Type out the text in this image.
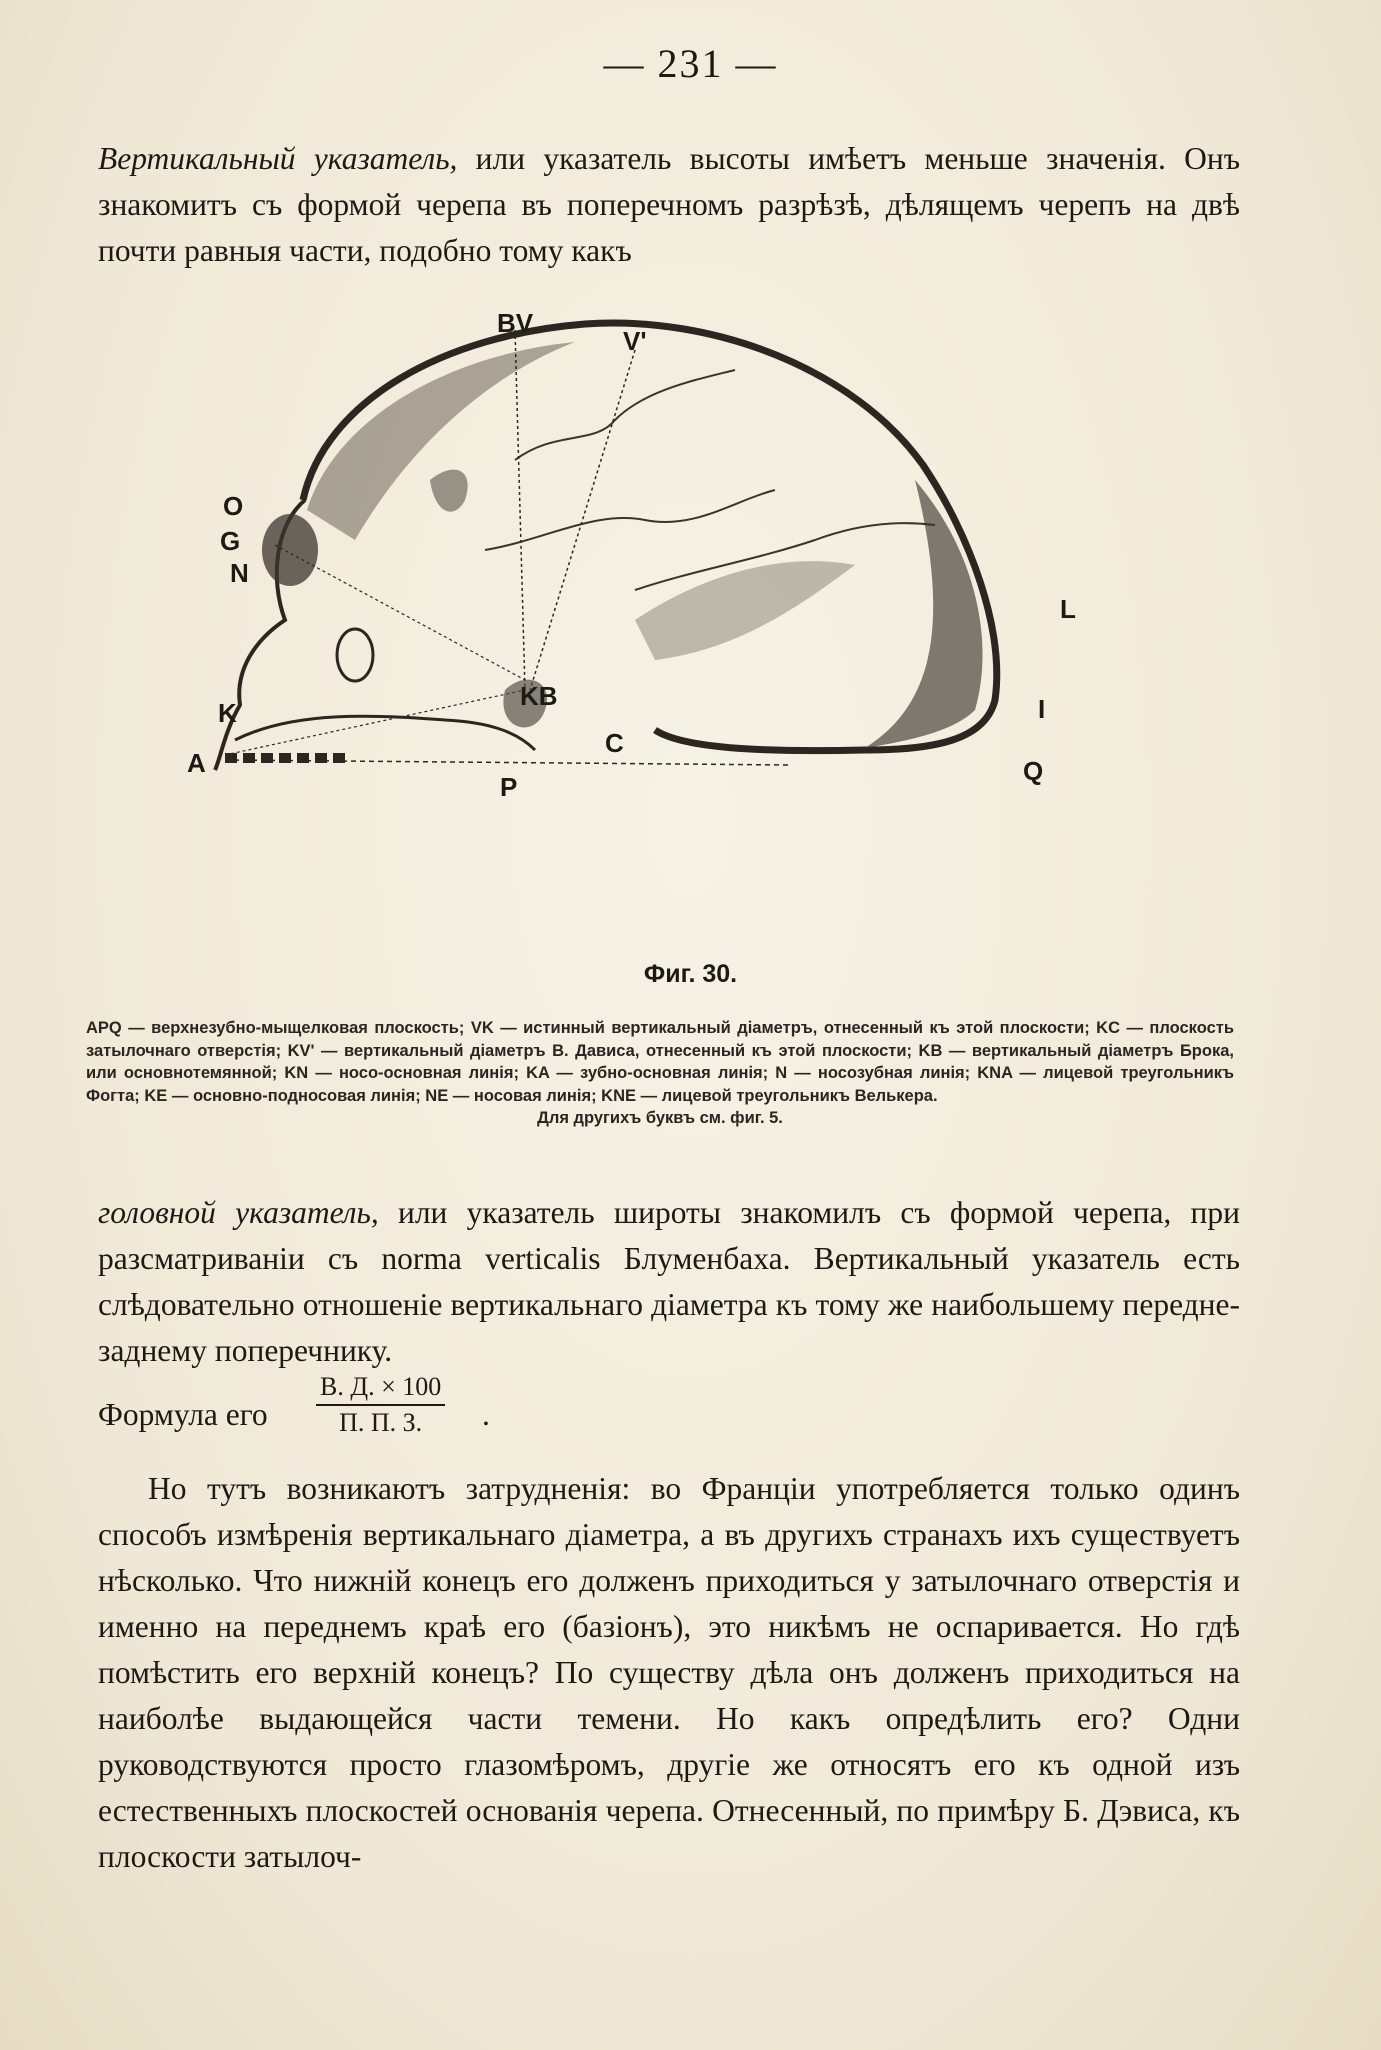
— 231 —

Вертикальный указатель, или указатель высоты имѣетъ меньше значенія. Онъ знакомитъ съ формой черепа въ поперечномъ разрѣзѣ, дѣлящемъ черепъ на двѣ почти равныя части, подобно тому какъ

BV
V'
O
G
N
K
A
KB
P
C
Q
L
I
Фиг. 30.
APQ — верхнезубно-мыщелковая плоскость; VK — истинный вертикальный діаметръ, отнесенный къ этой плоскости; KC — плоскость затылочнаго отверстія; KV' — вертикальный діаметръ В. Дависа, отнесенный къ этой плоскости; KB — вертикальный діаметръ Брока, или основнотемянной; KN — носо-основная линія; KA — зубно-основная линія; N — носозубная линія; KNA — лицевой треугольникъ Фогта; KE — основно-подносовая линія; NE — носовая линія; KNE — лицевой треугольникъ Велькера.
Для другихъ буквъ см. фиг. 5.

головной указатель, или указатель широты знакомилъ съ формой черепа, при разсматриваніи съ norma verticalis Блуменбаха. Вертикальный указатель есть слѣдовательно отношеніе вертикальнаго діаметра къ тому же наибольшему передне-заднему поперечнику.

Формула его
В. Д. × 100
П. П. З.	.

Но тутъ возникаютъ затрудненія: во Франціи употребляется только одинъ способъ измѣренія вертикальнаго діаметра, а въ другихъ странахъ ихъ существуетъ нѣсколько. Что нижній конецъ его долженъ приходиться у затылочнаго отверстія и именно на переднемъ краѣ его (базіонъ), это никѣмъ не оспаривается. Но гдѣ помѣстить его верхній конецъ? По существу дѣла онъ долженъ приходиться на наиболѣе выдающейся части темени. Но какъ опредѣлить его? Одни руководствуются просто глазомѣромъ, другіе же относятъ его къ одной изъ естественныхъ плоскостей основанія черепа. Отнесенный, по примѣру Б. Дэвиса, къ плоскости затылоч-
